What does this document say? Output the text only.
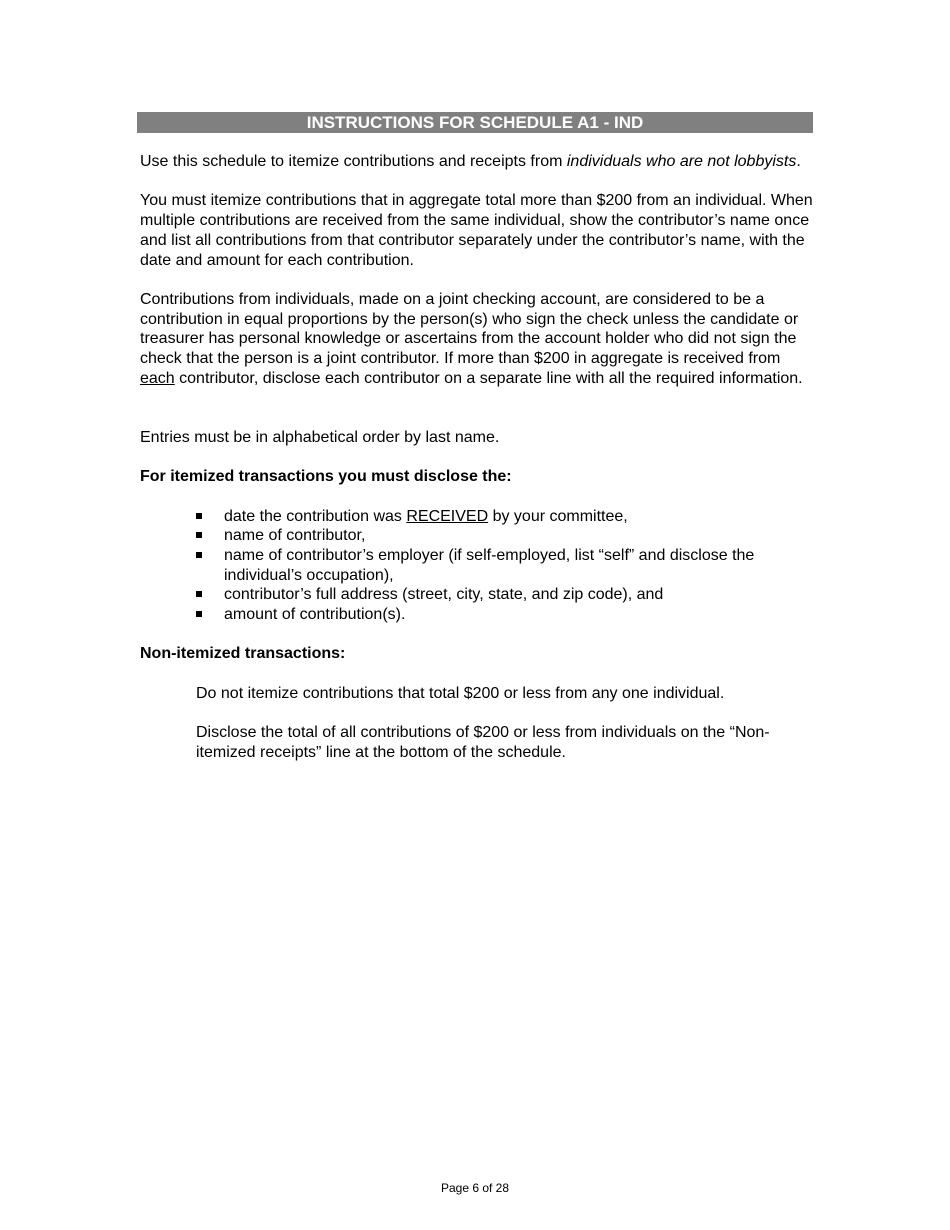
INSTRUCTIONS FOR SCHEDULE A1 - IND

Use this schedule to itemize contributions and receipts from individuals who are not lobbyists.

You must itemize contributions that in aggregate total more than $200 from an individual. When multiple contributions are received from the same individual, show the contributor’s name once and list all contributions from that contributor separately under the contributor’s name, with the date and amount for each contribution.

Contributions from individuals, made on a joint checking account, are considered to be a contribution in equal proportions by the person(s) who sign the check unless the candidate or treasurer has personal knowledge or ascertains from the account holder who did not sign the check that the person is a joint contributor. If more than $200 in aggregate is received from each contributor, disclose each contributor on a separate line with all the required information.

Entries must be in alphabetical order by last name.

For itemized transactions you must disclose the:

date the contribution was RECEIVED by your committee,
name of contributor,
name of contributor’s employer (if self-employed, list “self” and disclose the individual’s occupation),
contributor’s full address (street, city, state, and zip code), and
amount of contribution(s).

Non-itemized transactions:

Do not itemize contributions that total $200 or less from any one individual.

Disclose the total of all contributions of $200 or less from individuals on the “Non-itemized receipts” line at the bottom of the schedule.

Page 6 of 28
